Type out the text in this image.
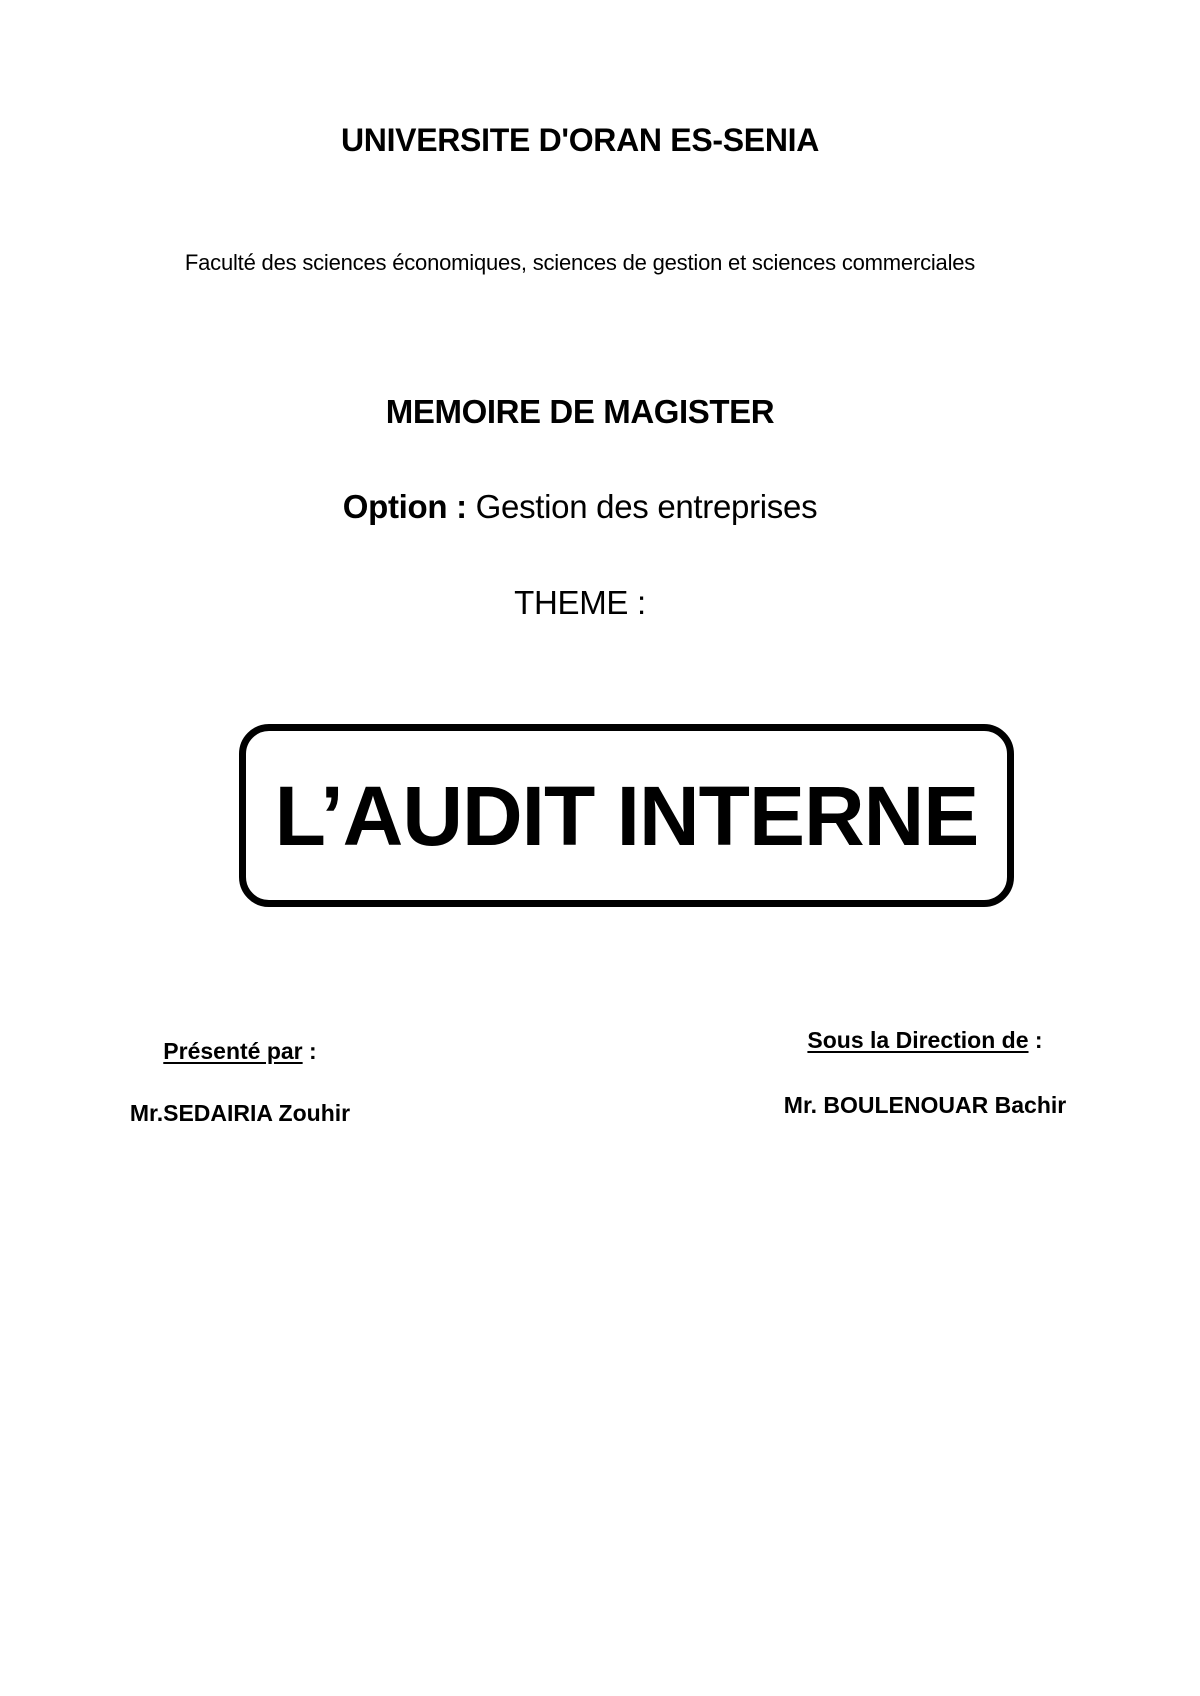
UNIVERSITE D'ORAN ES-SENIA
Faculté des sciences économiques, sciences de gestion et sciences commerciales
MEMOIRE DE MAGISTER
Option : Gestion des entreprises
THEME :
L’AUDIT INTERNE
Présenté par :
Mr.SEDAIRIA Zouhir
Sous la Direction de :
Mr. BOULENOUAR Bachir
